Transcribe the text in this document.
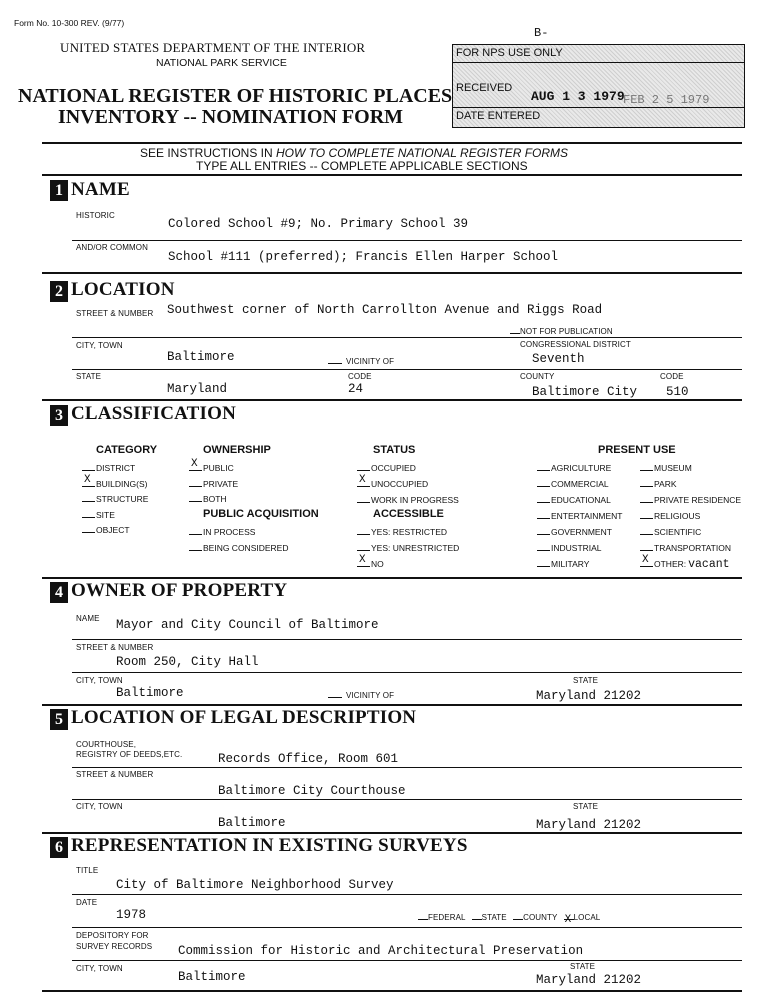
Form No. 10-300 REV. (9/77)
B-
UNITED STATES DEPARTMENT OF THE INTERIOR
NATIONAL PARK SERVICE
NATIONAL REGISTER OF HISTORIC PLACES
INVENTORY -- NOMINATION FORM
FOR NPS USE ONLY
RECEIVED
AUG 1 3 1979
FEB 2 5 1979
DATE ENTERED
SEE INSTRUCTIONS IN HOW TO COMPLETE NATIONAL REGISTER FORMS
TYPE ALL ENTRIES -- COMPLETE APPLICABLE SECTIONS
1 NAME
HISTORIC
Colored School #9; No. Primary School 39
AND/OR COMMON
School #111 (preferred); Francis Ellen Harper School
2 LOCATION
STREET & NUMBER Southwest corner of North Carrollton Avenue and Riggs Road
NOT FOR PUBLICATION
CITY, TOWN	CONGRESSIONAL DISTRICT
Baltimore	VICINITY OF	Seventh
STATE	CODE	COUNTY	CODE
Maryland	24	Baltimore City 510
3 CLASSIFICATION
CATEGORY	OWNERSHIP	STATUS	PRESENT USE
PUBLIC ACQUISITION	ACCESSIBLE
DISTRICT
X BUILDING(S)
STRUCTURE
SITE
OBJECT
X PUBLIC
PRIVATE
BOTH
IN PROCESS
BEING CONSIDERED
OCCUPIED
X UNOCCUPIED
WORK IN PROGRESS
YES: RESTRICTED
YES: UNRESTRICTED
X NO
AGRICULTURE
COMMERCIAL
EDUCATIONAL
ENTERTAINMENT
GOVERNMENT
INDUSTRIAL
MILITARY
MUSEUM
PARK
PRIVATE RESIDENCE
RELIGIOUS
SCIENTIFIC
TRANSPORTATION
X OTHER: vacant
4 OWNER OF PROPERTY
NAME Mayor and City Council of Baltimore
STREET & NUMBER
Room 250, City Hall
CITY, TOWN	STATE
Baltimore	VICINITY OF	Maryland 21202
5 LOCATION OF LEGAL DESCRIPTION
COURTHOUSE,
REGISTRY OF DEEDS,ETC.	Records Office, Room 601
STREET & NUMBER
Baltimore City Courthouse
CITY, TOWN	STATE
Baltimore	Maryland 21202
6 REPRESENTATION IN EXISTING SURVEYS
TITLE
City of Baltimore Neighborhood Survey
DATE
1978	FEDERAL STATE COUNTY X LOCAL
DEPOSITORY FOR
SURVEY RECORDS Commission for Historic and Architectural Preservation
CITY, TOWN	STATE
Baltimore	Maryland 21202
